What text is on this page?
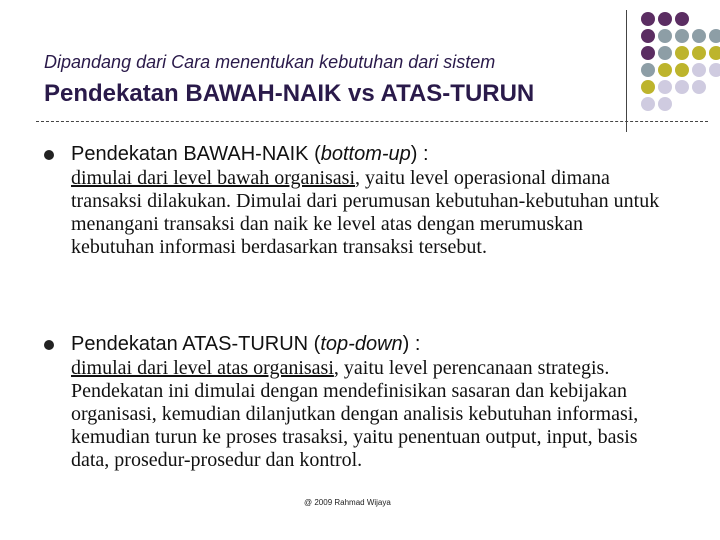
Dipandang dari Cara menentukan kebutuhan dari sistem
Pendekatan BAWAH-NAIK vs ATAS-TURUN
Pendekatan BAWAH-NAIK (bottom-up) :
dimulai dari level bawah organisasi, yaitu level operasional dimana transaksi dilakukan. Dimulai dari perumusan kebutuhan-kebutuhan untuk menangani transaksi dan naik ke level atas dengan merumuskan kebutuhan informasi berdasarkan transaksi tersebut.
Pendekatan ATAS-TURUN (top-down) :
dimulai dari level atas organisasi, yaitu level perencanaan strategis. Pendekatan ini dimulai dengan mendefinisikan sasaran dan kebijakan organisasi, kemudian dilanjutkan dengan analisis kebutuhan informasi, kemudian turun ke proses trasaksi, yaitu penentuan output, input, basis data, prosedur-prosedur dan kontrol.
@ 2009 Rahmad Wijaya
